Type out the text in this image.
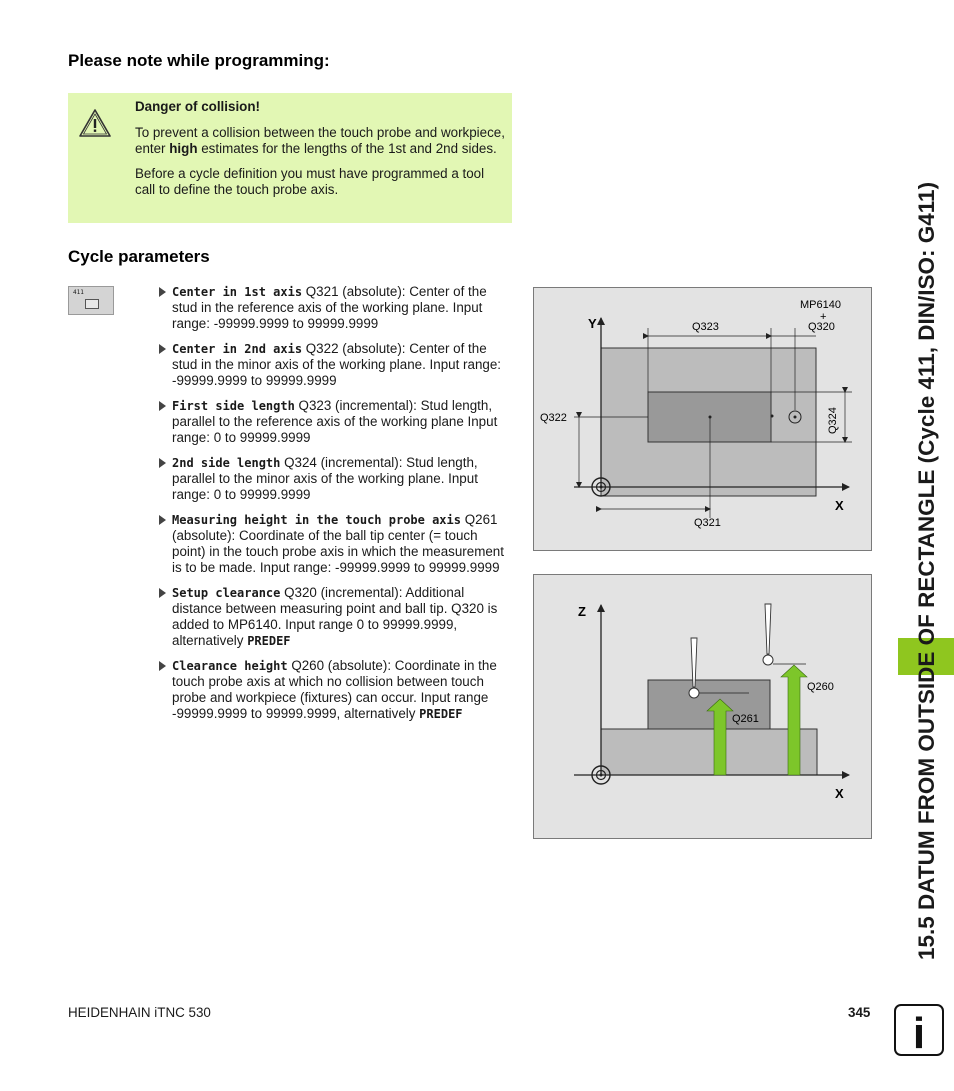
Please note while programming:

Danger of collision!

To prevent a collision between the touch probe and workpiece, enter high estimates for the lengths of the 1st and 2nd sides.

Before a cycle definition you must have programmed a tool call to define the touch probe axis.

Cycle parameters
411	Center in 1st axis Q321 (absolute): Center of the stud in the reference axis of the working plane. Input range: -99999.9999 to 99999.9999
Center in 2nd axis Q322 (absolute): Center of the stud in the minor axis of the working plane. Input range: -99999.9999 to 99999.9999
First side length Q323 (incremental): Stud length, parallel to the reference axis of the working plane Input range: 0 to 99999.9999
2nd side length Q324 (incremental): Stud length, parallel to the minor axis of the working plane. Input range: 0 to 99999.9999
Measuring height in the touch probe axis Q261 (absolute): Coordinate of the ball tip center (= touch point) in the touch probe axis in which the measurement is to be made. Input range: -99999.9999 to 99999.9999
Setup clearance Q320 (incremental): Additional distance between measuring point and ball tip. Q320 is added to MP6140. Input range 0 to 99999.9999, alternatively PREDEF
Clearance height Q260 (absolute): Coordinate in the touch probe axis at which no collision between touch probe and workpiece (fixtures) can occur. Input range -99999.9999 to 99999.9999, alternatively PREDEF
Y
X
MP6140
+
Q320
Q323
Q322
Q321
Q324
Z
X
Q260
Q261	15.5 DATUM FROM OUTSIDE OF RECTANGLE (Cycle 411, DIN/ISO: G411)
HEIDENHAIN iTNC 530	345 i
